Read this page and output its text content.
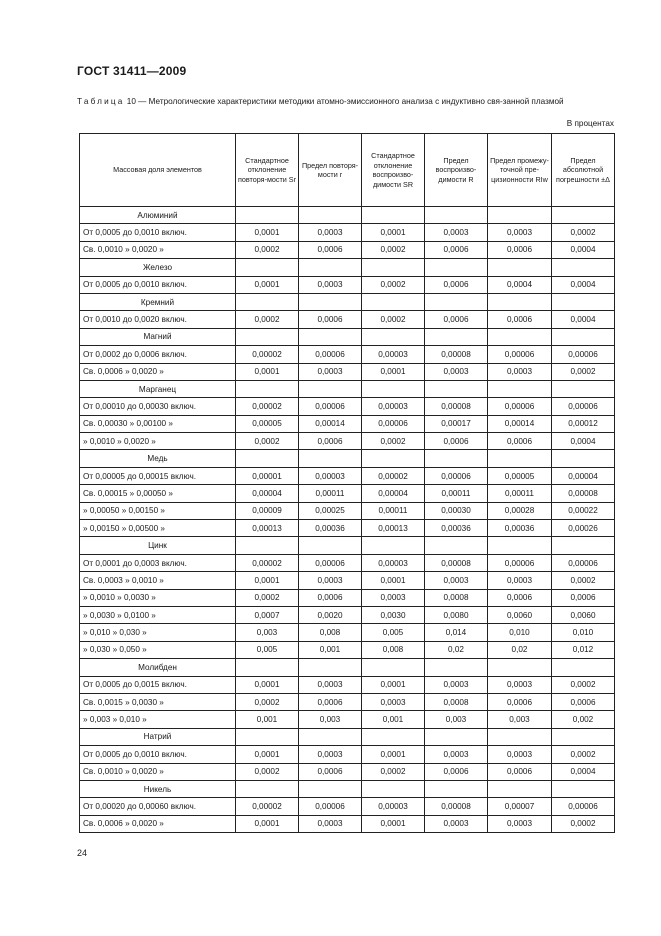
ГОСТ 31411—2009
Таблица 10 — Метрологические характеристики методики атомно-эмиссионного анализа с индуктивно свя-занной плазмой
В процентах
Массовая доля элементов	Стандартное отклонение повторя-мости Sr	Предел повторя-мости r	Стандартное отклонение воспроизво-димости SR	Предел воспроизво-димости R	Предел промежу-точной пре-цизионности RIw	Предел абсолютной погрешности ±Δ
Алюминий						
От 0,0005 до 0,0010 включ.	0,0001	0,0003	0,0001	0,0003	0,0003	0,0002
Св. 0,0010 » 0,0020 »	0,0002	0,0006	0,0002	0,0006	0,0006	0,0004
Железо						
От 0,0005 до 0,0010 включ.	0,0001	0,0003	0,0002	0,0006	0,0004	0,0004
Кремний						
От 0,0010 до 0,0020 включ.	0,0002	0,0006	0,0002	0,0006	0,0006	0,0004
Магний						
От 0,0002 до 0,0006 включ.	0,00002	0,00006	0,00003	0,00008	0,00006	0,00006
Св. 0,0006 » 0,0020 »	0,0001	0,0003	0,0001	0,0003	0,0003	0,0002
Марганец						
От 0,00010 до 0,00030 включ.	0,00002	0,00006	0,00003	0,00008	0,00006	0,00006
Св. 0,00030 » 0,00100 »	0,00005	0,00014	0,00006	0,00017	0,00014	0,00012
» 0,0010 » 0,0020 »	0,0002	0,0006	0,0002	0,0006	0,0006	0,0004
Медь						
От 0,00005 до 0,00015 включ.	0,00001	0,00003	0,00002	0,00006	0,00005	0,00004
Св. 0,00015 » 0,00050 »	0,00004	0,00011	0,00004	0,00011	0,00011	0,00008
» 0,00050 » 0,00150 »	0,00009	0,00025	0,00011	0,00030	0,00028	0,00022
» 0,00150 » 0,00500 »	0,00013	0,00036	0,00013	0,00036	0,00036	0,00026
Цинк						
От 0,0001 до 0,0003 включ.	0,00002	0,00006	0,00003	0,00008	0,00006	0,00006
Св. 0,0003 » 0,0010 »	0,0001	0,0003	0,0001	0,0003	0,0003	0,0002
» 0,0010 » 0,0030 »	0,0002	0,0006	0,0003	0,0008	0,0006	0,0006
» 0,0030 » 0,0100 »	0,0007	0,0020	0,0030	0,0080	0,0060	0,0060
» 0,010 » 0,030 »	0,003	0,008	0,005	0,014	0,010	0,010
» 0,030 » 0,050 »	0,005	0,001	0,008	0,02	0,02	0,012
Молибден						
От 0,0005 до 0,0015 включ.	0,0001	0,0003	0,0001	0,0003	0,0003	0,0002
Св. 0,0015 » 0,0030 »	0,0002	0,0006	0,0003	0,0008	0,0006	0,0006
» 0,003 » 0,010 »	0,001	0,003	0,001	0,003	0,003	0,002
Натрий						
От 0,0005 до 0,0010 включ.	0,0001	0,0003	0,0001	0,0003	0,0003	0,0002
Св. 0,0010 » 0,0020 »	0,0002	0,0006	0,0002	0,0006	0,0006	0,0004
Никель						
От 0,00020 до 0,00060 включ.	0,00002	0,00006	0,00003	0,00008	0,00007	0,00006
Св. 0,0006 » 0,0020 »	0,0001	0,0003	0,0001	0,0003	0,0003	0,0002
24
